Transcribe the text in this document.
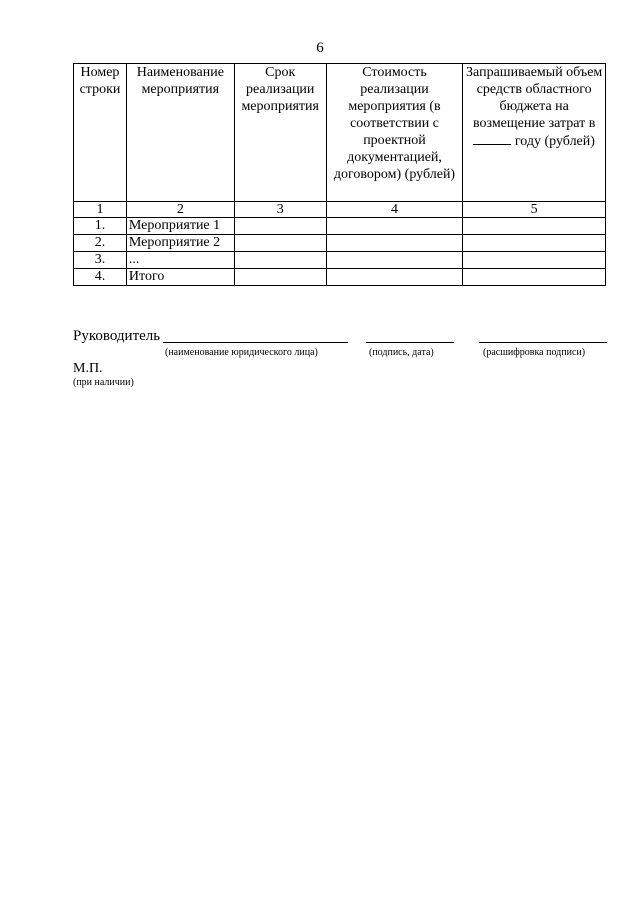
6
Номер строки	Наименование мероприятия	Срок реализации мероприятия	Стоимость реализации мероприятия (в соответствии с проектной документацией, договором) (рублей)	Запрашиваемый объем средств областного бюджета на возмещение затрат в  году (рублей)
1	2	3	4	5
1.	Мероприятие 1			
2.	Мероприятие 2			
3.	...			
4.	Итого			
Руководитель
(наименование юридического лица)	(подпись, дата)	(расшифровка подписи)
М.П.
(при наличии)
